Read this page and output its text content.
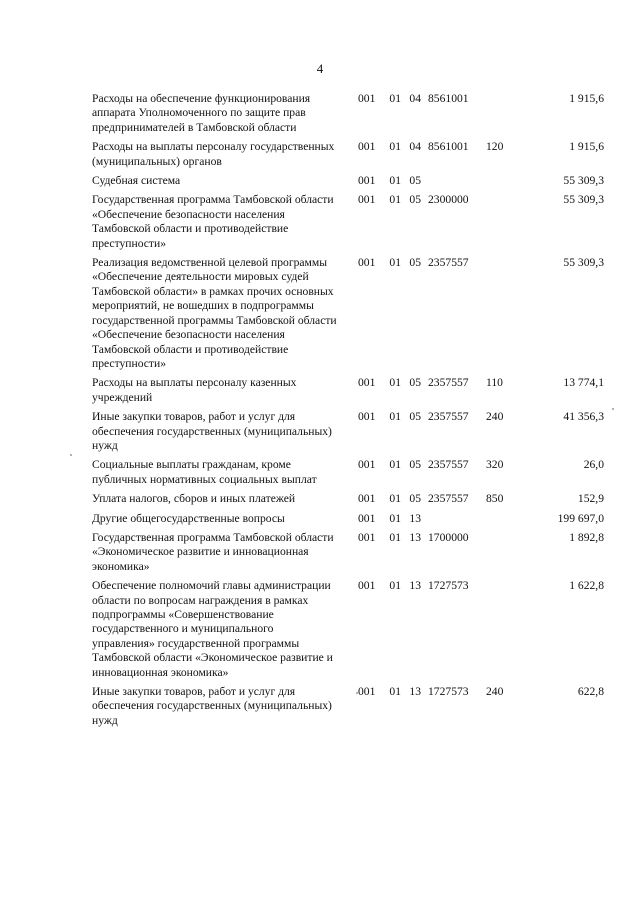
4
Расходы на обеспечение функционирования аппарата Уполномоченного по защите прав предпринимателей в Тамбовской области	001	01	04	8561001		1 915,6
Расходы на выплаты персоналу государственных (муниципальных) органов	001	01	04	8561001	120	1 915,6
Судебная система	001	01	05			55 309,3
Государственная программа Тамбовской области «Обеспечение безопасности населения Тамбовской области и противодействие преступности»	001	01	05	2300000		55 309,3
Реализация ведомственной целевой программы «Обеспечение деятельности мировых судей Тамбовской области» в рамках прочих основных мероприятий, не вошедших в подпрограммы государственной программы Тамбовской области «Обеспечение безопасности населения Тамбовской области и противодействие преступности»	001	01	05	2357557		55 309,3
Расходы на выплаты персоналу казенных учреждений	001	01	05	2357557	110	13 774,1
Иные закупки товаров, работ и услуг для обеспечения государственных (муниципальных) нужд	001	01	05	2357557	240	41 356,3
Социальные выплаты гражданам, кроме публичных нормативных социальных выплат	001	01	05	2357557	320	26,0
Уплата налогов, сборов и иных платежей	001	01	05	2357557	850	152,9
Другие общегосударственные вопросы	001	01	13			199 697,0
Государственная программа Тамбовской области «Экономическое развитие и инновационная экономика»	001	01	13	1700000		1 892,8
Обеспечение полномочий главы администрации области по вопросам награждения в рамках подпрограммы «Совершенствование государственного и муниципального управления» государственной программы Тамбовской области «Экономическое развитие и инновационная экономика»	001	01	13	1727573		1 622,8
Иные закупки товаров, работ и услуг для обеспечения государственных (муниципальных) нужд	001	01	13	1727573	240	622,8
